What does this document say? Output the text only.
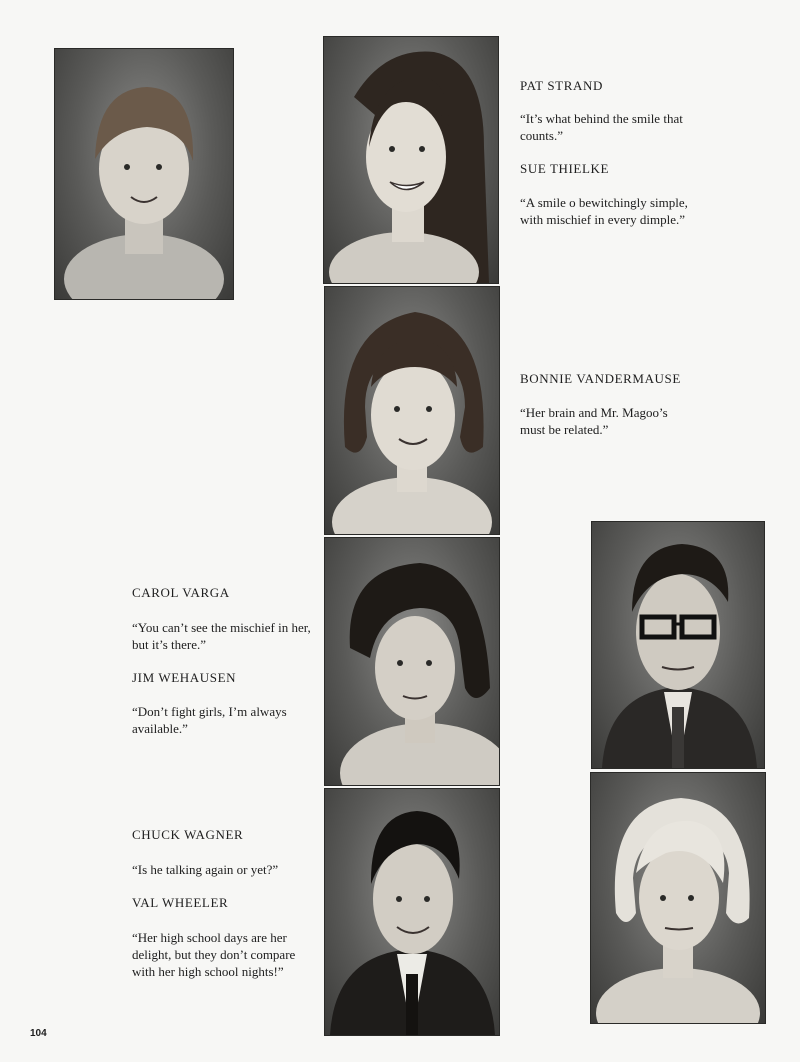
PAT STRAND

“It’s what behind the smile that counts.”

SUE THIELKE

“A smile o bewitchingly simple, with mischief in every dimple.”

BONNIE VANDERMAUSE

“Her brain and Mr. Magoo’s must be related.”

CAROL VARGA

“You can’t see the mischief in her, but it’s there.”

JIM WEHAUSEN

“Don’t fight girls, I’m always available.”

CHUCK WAGNER

“Is he talking again or yet?”

VAL WHEELER

“Her high school days are her delight, but they don’t compare with her high school nights!”

104
